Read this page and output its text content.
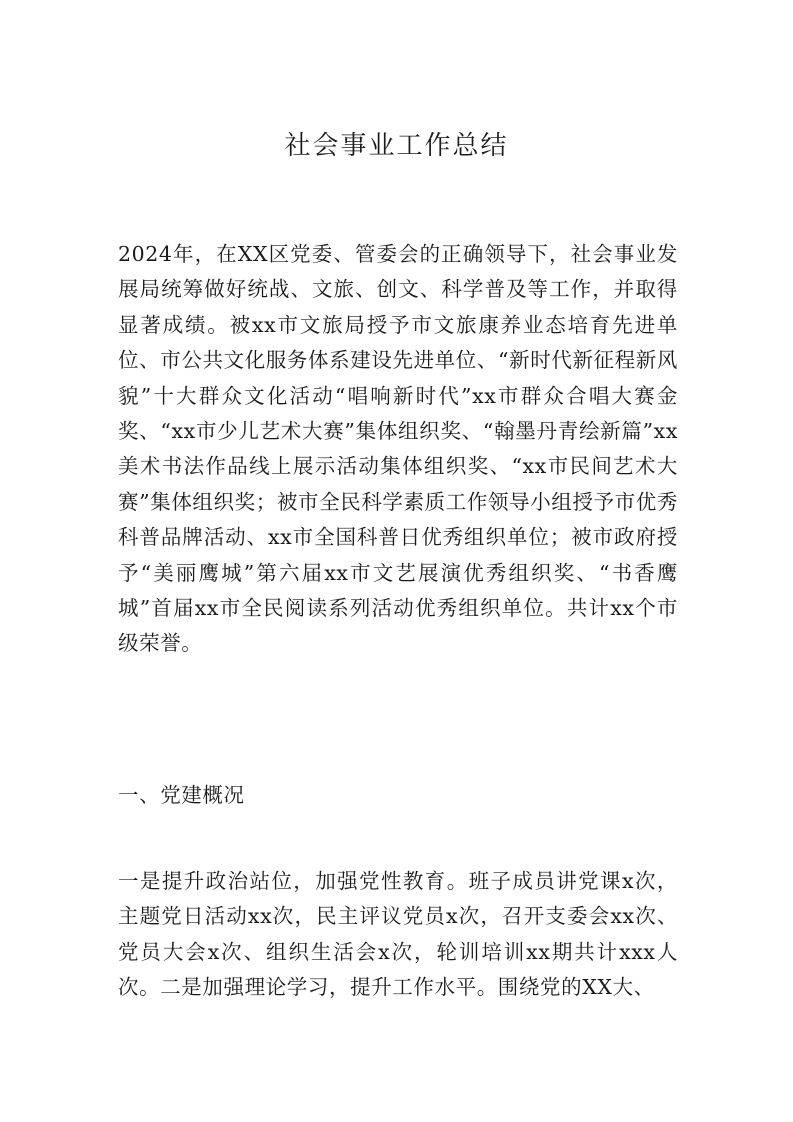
社会事业工作总结

2024年，在XX区党委、管委会的正确领导下，社会事业发展局统筹做好统战、文旅、创文、科学普及等工作，并取得显著成绩。被xx市文旅局授予市文旅康养业态培育先进单位、市公共文化服务体系建设先进单位、“新时代新征程新风貌”十大群众文化活动“唱响新时代”xx市群众合唱大赛金奖、“xx市少儿艺术大赛”集体组织奖、“翰墨丹青绘新篇”xx美术书法作品线上展示活动集体组织奖、“xx市民间艺术大赛”集体组织奖；被市全民科学素质工作领导小组授予市优秀科普品牌活动、xx市全国科普日优秀组织单位；被市政府授予“美丽鹰城”第六届xx市文艺展演优秀组织奖、“书香鹰城”首届xx市全民阅读系列活动优秀组织单位。共计xx个市级荣誉。

一、党建概况

一是提升政治站位，加强党性教育。班子成员讲党课x次，主题党日活动xx次，民主评议党员x次，召开支委会xx次、党员大会x次、组织生活会x次，轮训培训xx期共计xxx人次。二是加强理论学习，提升工作水平。围绕党的XX大、
